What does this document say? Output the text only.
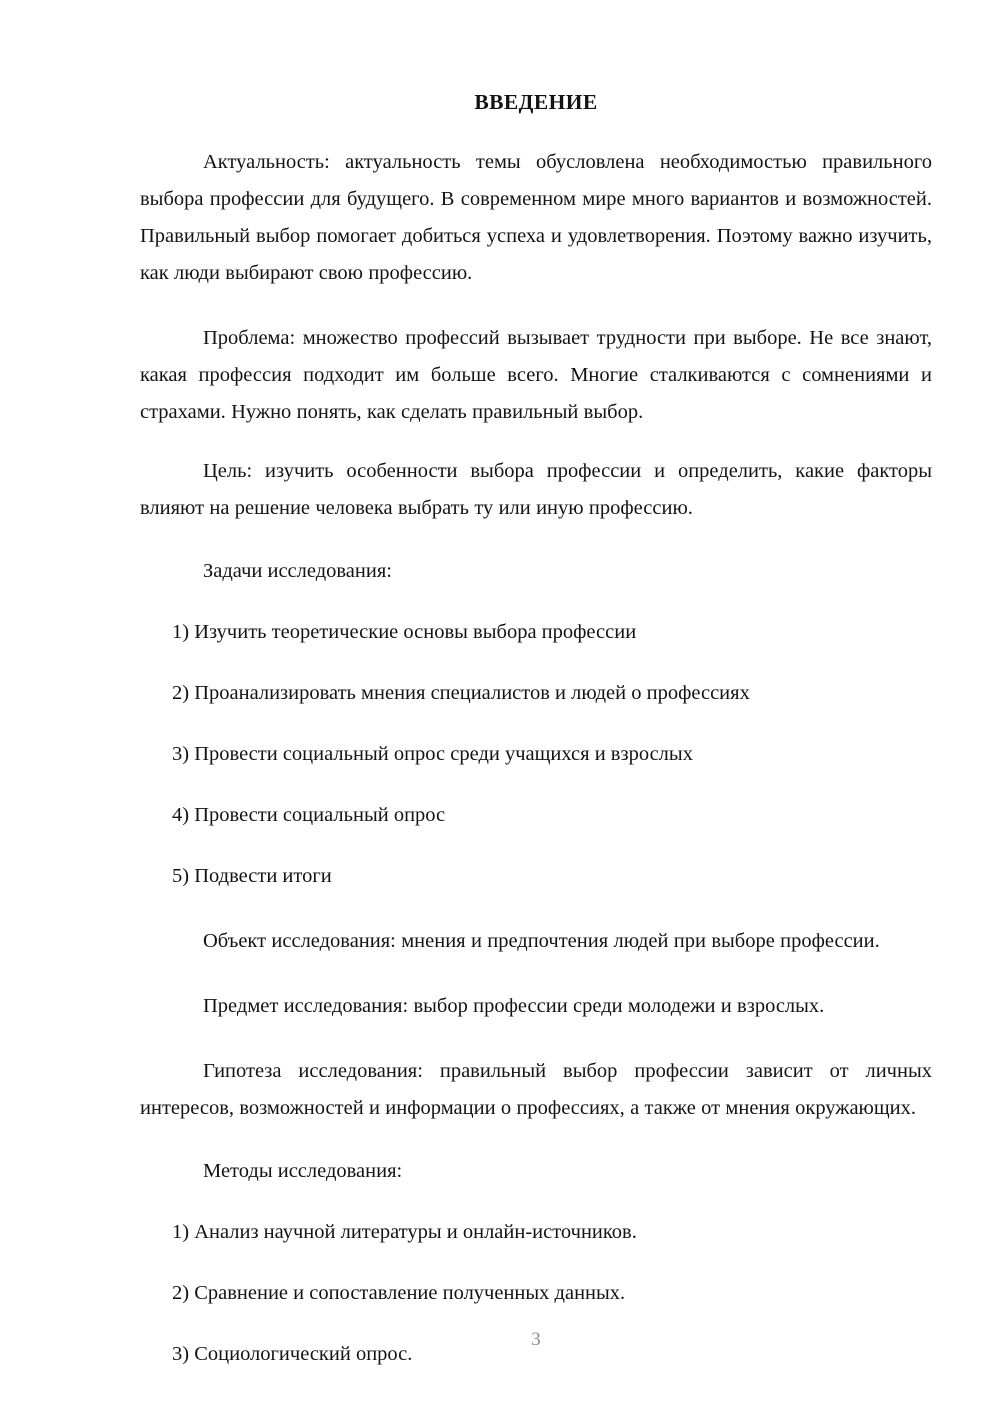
ВВЕДЕНИЕ

Актуальность: актуальность темы обусловлена необходимостью правильного выбора профессии для будущего. В современном мире много вариантов и возможностей. Правильный выбор помогает добиться успеха и удовлетворения. Поэтому важно изучить, как люди выбирают свою профессию.

Проблема: множество профессий вызывает трудности при выборе. Не все знают, какая профессия подходит им больше всего. Многие сталкиваются с сомнениями и страхами. Нужно понять, как сделать правильный выбор.

Цель: изучить особенности выбора профессии и определить, какие факторы влияют на решение человека выбрать ту или иную профессию.

Задачи исследования:

1) Изучить теоретические основы выбора профессии
2) Проанализировать мнения специалистов и людей о профессиях
3) Провести социальный опрос среди учащихся и взрослых
4) Провести социальный опрос
5) Подвести итоги

Объект исследования: мнения и предпочтения людей при выборе профессии.

Предмет исследования: выбор профессии среди молодежи и взрослых.

Гипотеза исследования: правильный выбор профессии зависит от личных интересов, возможностей и информации о профессиях, а также от мнения окружающих.

Методы исследования:

1) Анализ научной литературы и онлайн-источников.
2) Сравнение и сопоставление полученных данных.
3) Социологический опрос.
3
